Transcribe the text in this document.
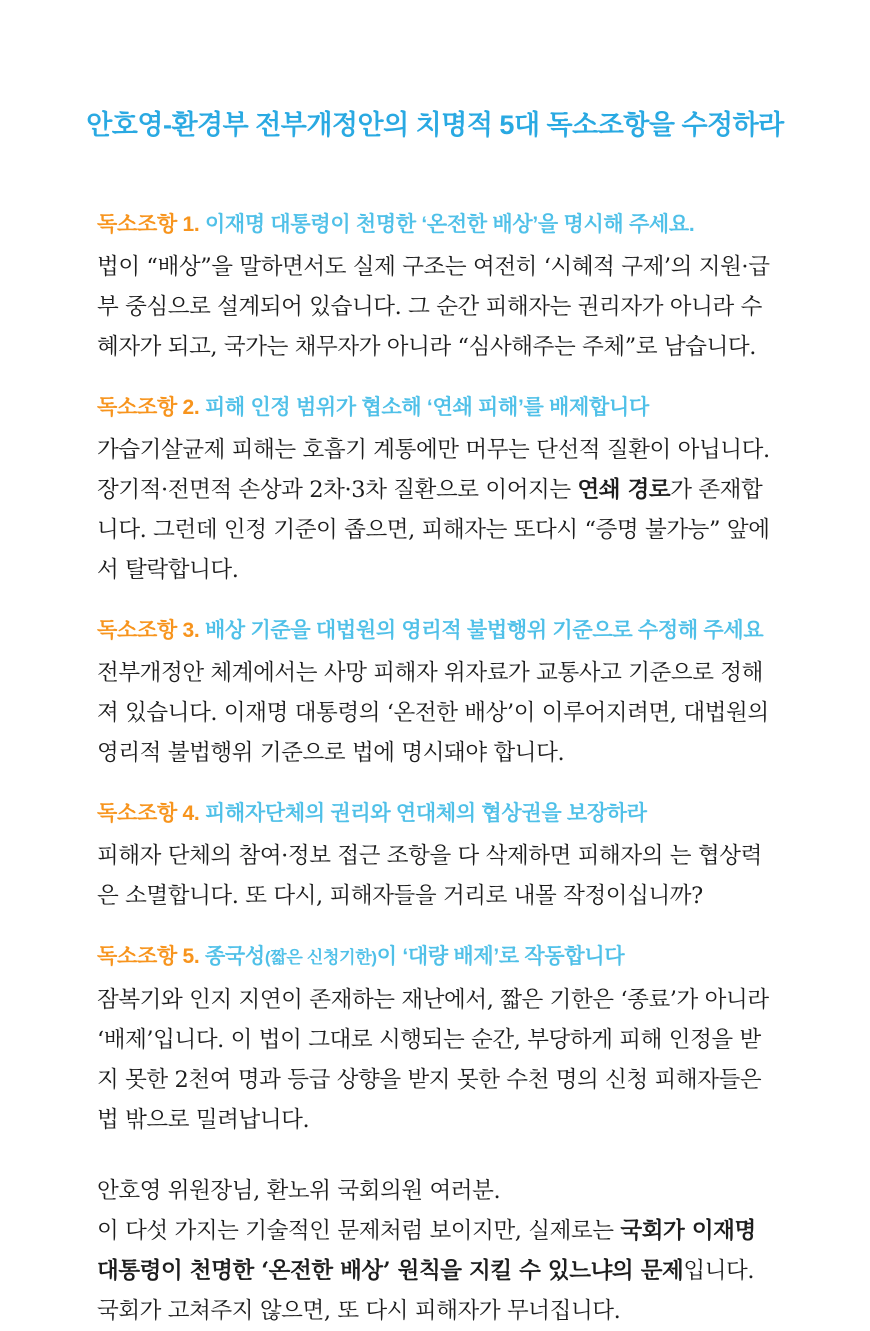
안호영-환경부 전부개정안의 치명적 5대 독소조항을 수정하라
독소조항 1. 이재명 대통령이 천명한 ‘온전한 배상’을 명시해 주세요.
법이 “배상”을 말하면서도 실제 구조는 여전히 ‘시혜적 구제’의 지원·급부 중심으로 설계되어 있습니다. 그 순간 피해자는 권리자가 아니라 수혜자가 되고, 국가는 채무자가 아니라 “심사해주는 주체”로 남습니다.
독소조항 2. 피해 인정 범위가 협소해 ‘연쇄 피해’를 배제합니다
가습기살균제 피해는 호흡기 계통에만 머무는 단선적 질환이 아닙니다. 장기적·전면적 손상과 2차·3차 질환으로 이어지는 연쇄 경로가 존재합니다. 그런데 인정 기준이 좁으면, 피해자는 또다시 “증명 불가능” 앞에서 탈락합니다.
독소조항 3. 배상 기준을 대법원의 영리적 불법행위 기준으로 수정해 주세요
전부개정안 체계에서는 사망 피해자 위자료가 교통사고 기준으로 정해져 있습니다. 이재명 대통령의 ‘온전한 배상’이 이루어지려면, 대법원의 영리적 불법행위 기준으로 법에 명시돼야 합니다.
독소조항 4. 피해자단체의 권리와 연대체의 협상권을 보장하라
피해자 단체의 참여·정보 접근 조항을 다 삭제하면 피해자의 는 협상력은 소멸합니다. 또 다시, 피해자들을 거리로 내몰 작정이십니까?
독소조항 5. 종국성(짧은 신청기한)이 ‘대량 배제’로 작동합니다
잠복기와 인지 지연이 존재하는 재난에서, 짧은 기한은 ‘종료’가 아니라 ‘배제’입니다. 이 법이 그대로 시행되는 순간, 부당하게 피해 인정을 받지 못한 2천여 명과 등급 상향을 받지 못한 수천 명의 신청 피해자들은 법 밖으로 밀려납니다.
안호영 위원장님, 환노위 국회의원 여러분.
이 다섯 가지는 기술적인 문제처럼 보이지만, 실제로는 국회가 이재명 대통령이 천명한 ‘온전한 배상’ 원칙을 지킬 수 있느냐의 문제입니다. 국회가 고쳐주지 않으면, 또 다시 피해자가 무너집니다.
